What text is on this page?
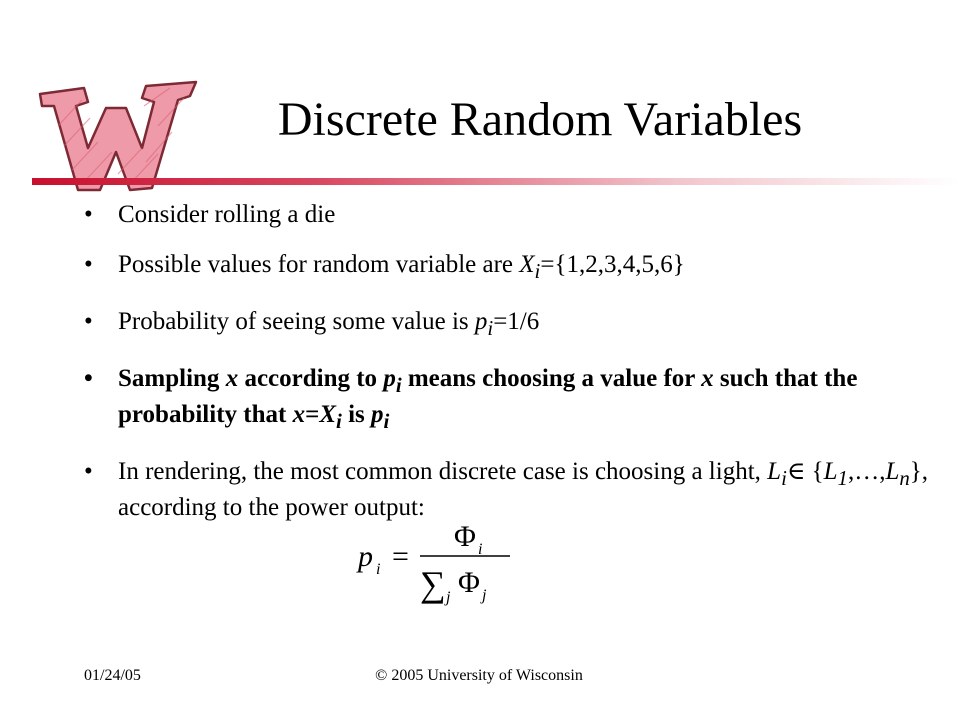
Discrete Random Variables
• Consider rolling a die
• Possible values for random variable are $X_i=\{1,2,3,4,5,6\}$
• Probability of seeing some value is $p_i=1/6$
• Sampling x according to $p_i$ means choosing a value for x such that the probability that $x=X_i$ is $p_i$
• In rendering, the most common discrete case is choosing a light, $L_i\in$ $\{L_1,\dots,L_n\}$, according to the power output:
p i =
Φ i
∑ j Φ j
01/24/05	© 2005 University of Wisconsin
